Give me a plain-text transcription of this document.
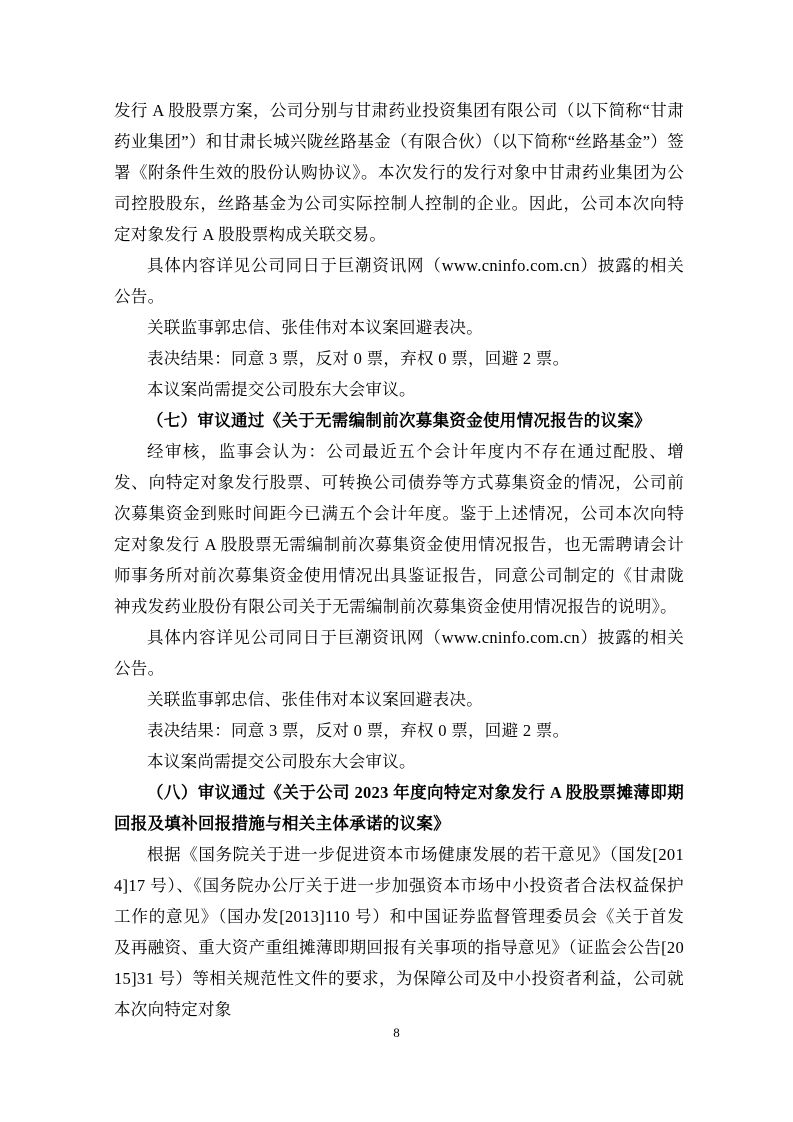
发行 A 股股票方案，公司分别与甘肃药业投资集团有限公司（以下简称“甘肃药业集团”）和甘肃长城兴陇丝路基金（有限合伙）（以下简称“丝路基金”）签署《附条件生效的股份认购协议》。本次发行的发行对象中甘肃药业集团为公司控股股东，丝路基金为公司实际控制人控制的企业。因此，公司本次向特定对象发行 A 股股票构成关联交易。

具体内容详见公司同日于巨潮资讯网（www.cninfo.com.cn）披露的相关公告。

关联监事郭忠信、张佳伟对本议案回避表决。

表决结果：同意 3 票，反对 0 票，弃权 0 票，回避 2 票。

本议案尚需提交公司股东大会审议。

（七）审议通过《关于无需编制前次募集资金使用情况报告的议案》

经审核，监事会认为：公司最近五个会计年度内不存在通过配股、增发、向特定对象发行股票、可转换公司债券等方式募集资金的情况，公司前次募集资金到账时间距今已满五个会计年度。鉴于上述情况，公司本次向特定对象发行 A 股股票无需编制前次募集资金使用情况报告，也无需聘请会计师事务所对前次募集资金使用情况出具鉴证报告，同意公司制定的《甘肃陇神戎发药业股份有限公司关于无需编制前次募集资金使用情况报告的说明》。

具体内容详见公司同日于巨潮资讯网（www.cninfo.com.cn）披露的相关公告。

关联监事郭忠信、张佳伟对本议案回避表决。

表决结果：同意 3 票，反对 0 票，弃权 0 票，回避 2 票。

本议案尚需提交公司股东大会审议。

（八）审议通过《关于公司 2023 年度向特定对象发行 A 股股票摊薄即期回报及填补回报措施与相关主体承诺的议案》

根据《国务院关于进一步促进资本市场健康发展的若干意见》（国发[2014]17 号）、《国务院办公厅关于进一步加强资本市场中小投资者合法权益保护工作的意见》（国办发[2013]110 号）和中国证券监督管理委员会《关于首发及再融资、重大资产重组摊薄即期回报有关事项的指导意见》（证监会公告[2015]31 号）等相关规范性文件的要求，为保障公司及中小投资者利益，公司就本次向特定对象

8
